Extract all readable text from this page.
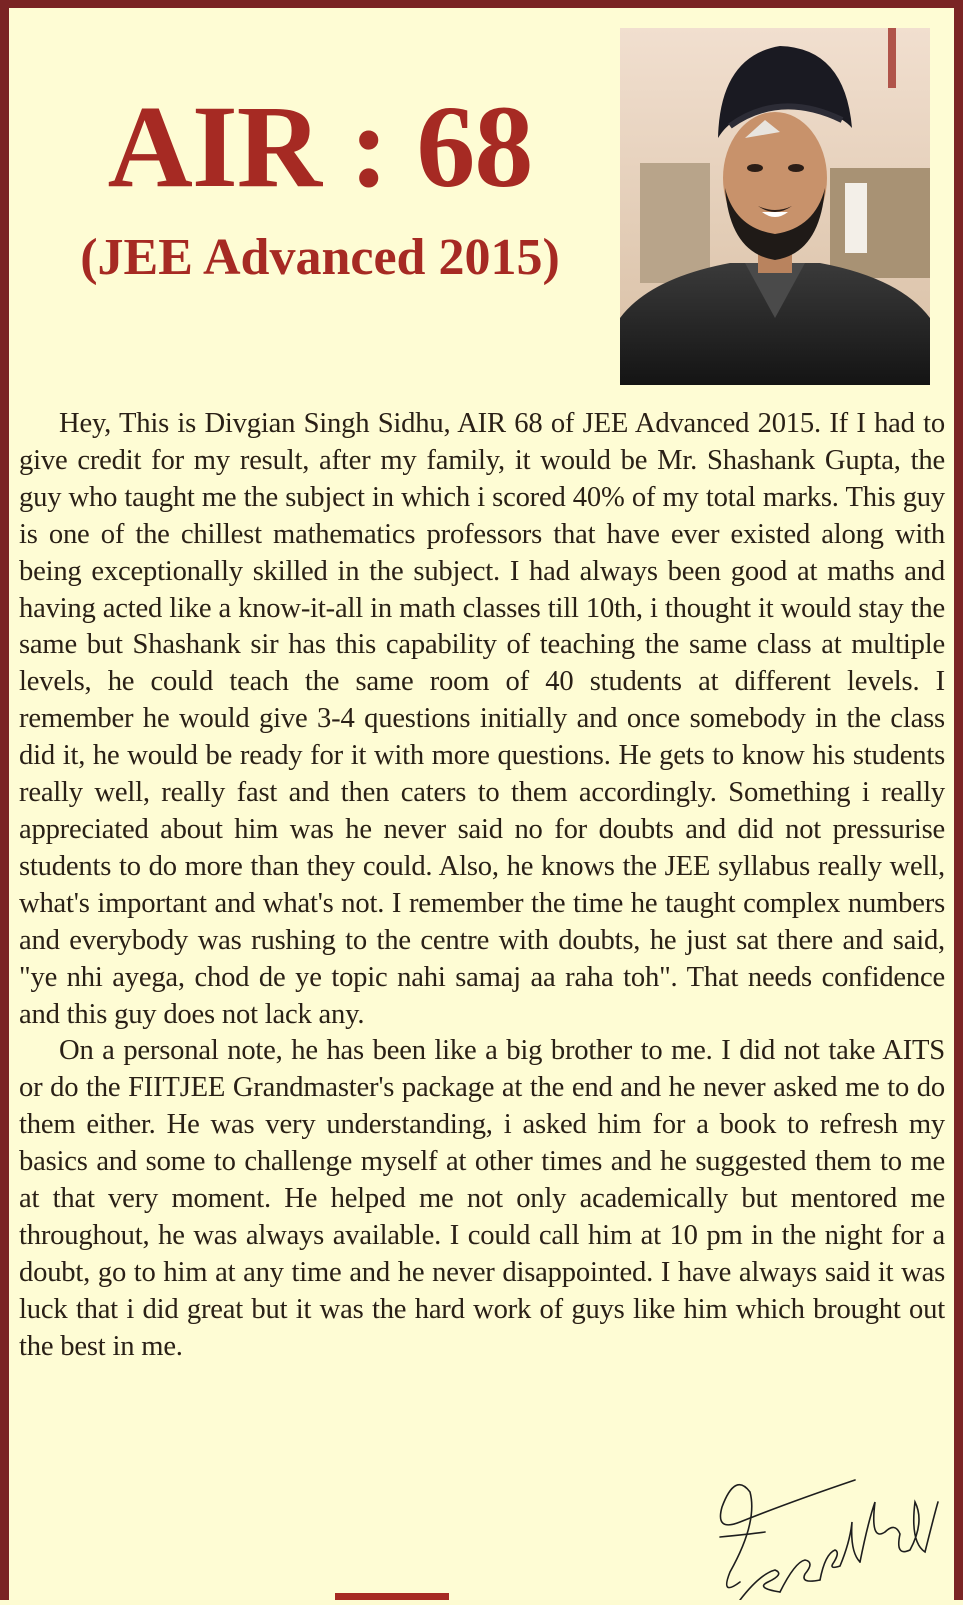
AIR : 68
(JEE Advanced 2015)

Hey, This is Divgian Singh Sidhu, AIR 68 of JEE Advanced 2015. If I had to give credit for my result, after my family, it would be Mr. Shashank Gupta, the guy who taught me the subject in which i scored 40% of my total marks. This guy is one of the chillest mathematics professors that have ever existed along with being exceptionally skilled in the subject. I had always been good at maths and having acted like a know-it-all in math classes till 10th, i thought it would stay the same but Shashank sir has this capability of teaching the same class at multiple levels, he could teach the same room of 40 students at different levels. I remember he would give 3-4 questions initially and once somebody in the class did it, he would be ready for it with more questions. He gets to know his students really well, really fast and then caters to them accordingly. Something i really appreciated about him was he never said no for doubts and did not pressurise students to do more than they could. Also, he knows the JEE syllabus really well, what's important and what's not. I remember the time he taught complex numbers and everybody was rushing to the centre with doubts, he just sat there and said, "ye nhi ayega, chod de ye topic nahi samaj aa raha toh". That needs confidence and this guy does not lack any.

On a personal note, he has been like a big brother to me. I did not take AITS or do the FIITJEE Grandmaster's package at the end and he never asked me to do them either. He was very understanding, i asked him for a book to refresh my basics and some to challenge myself at other times and he suggested them to me at that very moment. He helped me not only academically but mentored me throughout, he was always available. I could call him at 10 pm in the night for a doubt, go to him at any time and he never disappointed. I have always said it was luck that i did great but it was the hard work of guys like him which brought out the best in me.
